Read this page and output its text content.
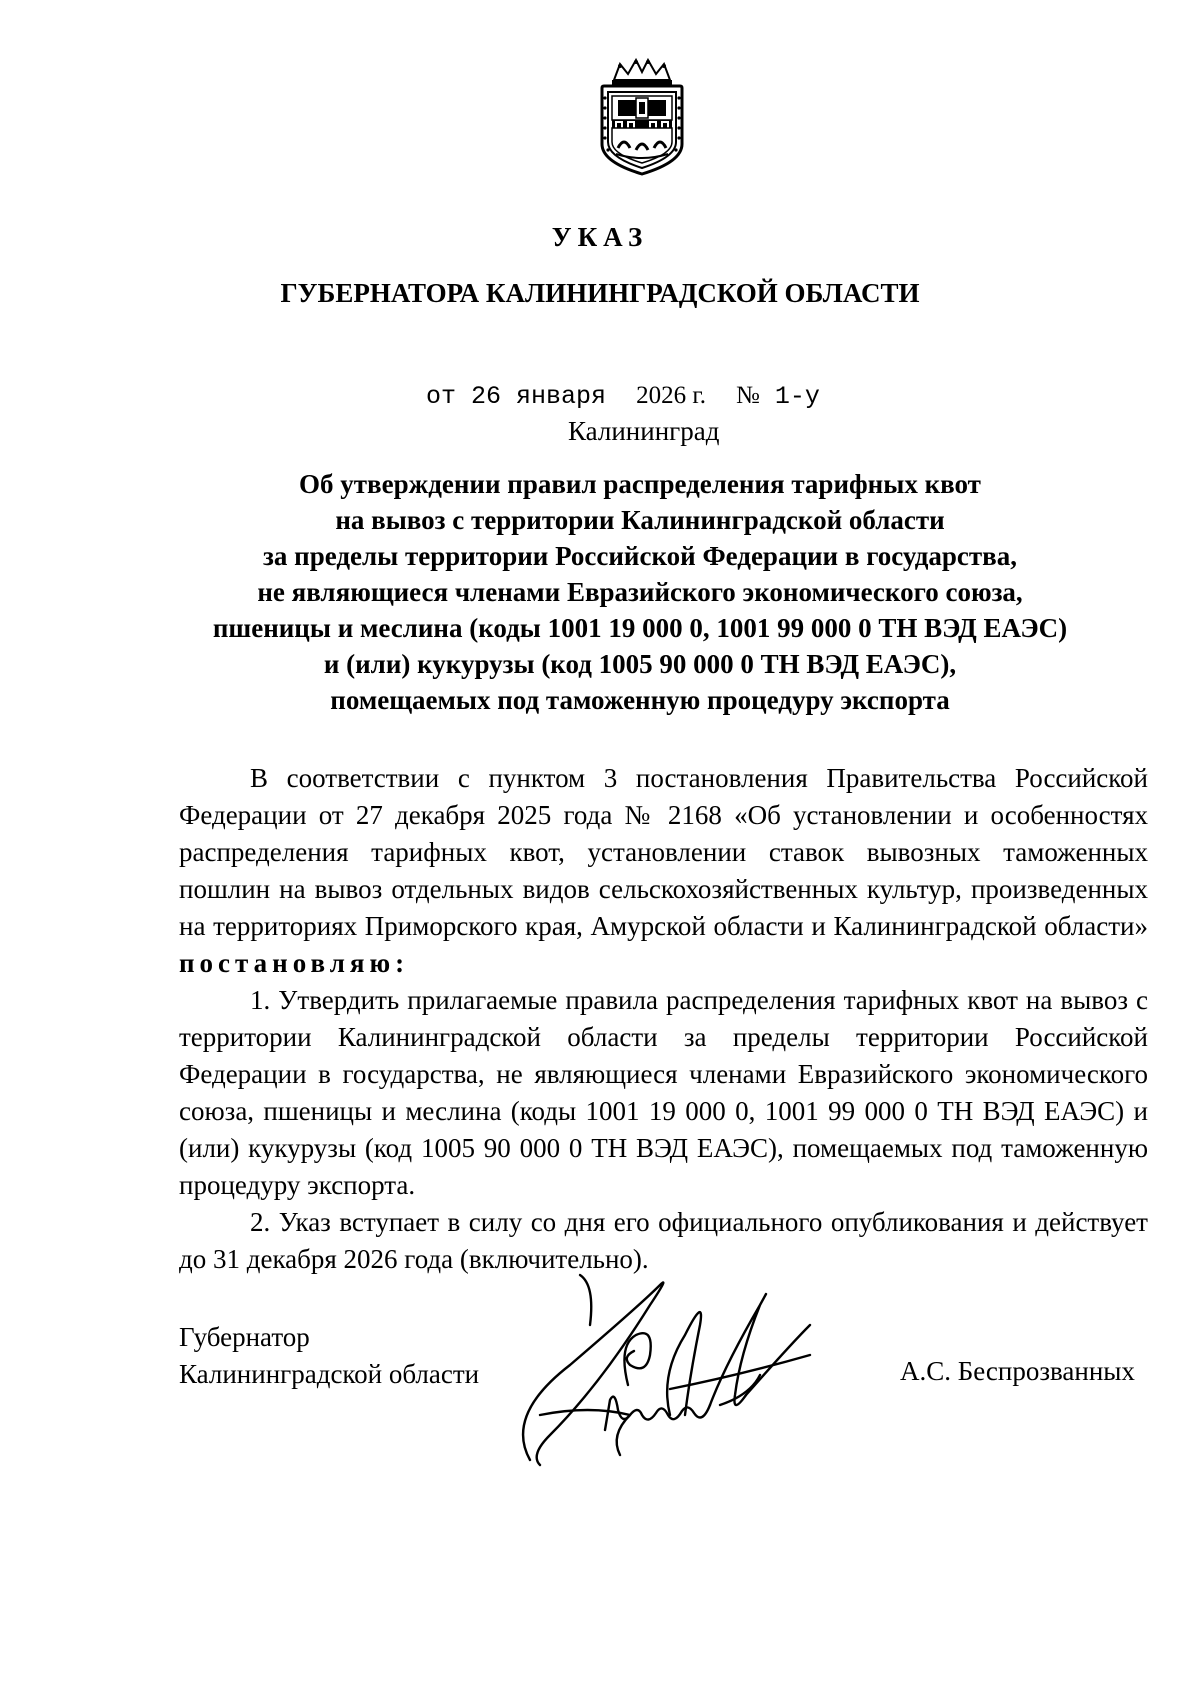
УКАЗ
ГУБЕРНАТОРА КАЛИНИНГРАДСКОЙ ОБЛАСТИ
от 26 января 2026 г. № 1-у
Калининград
Об утверждении правил распределения тарифных квот
на вывоз с территории Калининградской области
за пределы территории Российской Федерации в государства,
не являющиеся членами Евразийского экономического союза,
пшеницы и меслина (коды 1001 19 000 0, 1001 99 000 0 ТН ВЭД ЕАЭС)
и (или) кукурузы (код 1005 90 000 0 ТН ВЭД ЕАЭС),
помещаемых под таможенную процедуру экспорта

В соответствии с пунктом 3 постановления Правительства Российской Федерации от 27 декабря 2025 года № 2168 «Об установлении и особенностях распределения тарифных квот, установлении ставок вывозных таможенных пошлин на вывоз отдельных видов сельскохозяйственных культур, произведенных на территориях Приморского края, Амурской области и Калининградской области» постановляю:

1. Утвердить прилагаемые правила распределения тарифных квот на вывоз с территории Калининградской области за пределы территории Российской Федерации в государства, не являющиеся членами Евразийского экономического союза, пшеницы и меслина (коды 1001 19 000 0, 1001 99 000 0 ТН ВЭД ЕАЭС) и (или) кукурузы (код 1005 90 000 0 ТН ВЭД ЕАЭС), помещаемых под таможенную процедуру экспорта.

2. Указ вступает в силу со дня его официального опубликования и действует до 31 декабря 2026 года (включительно).

Губернатор
Калининградской области	А.С. Беспрозванных
